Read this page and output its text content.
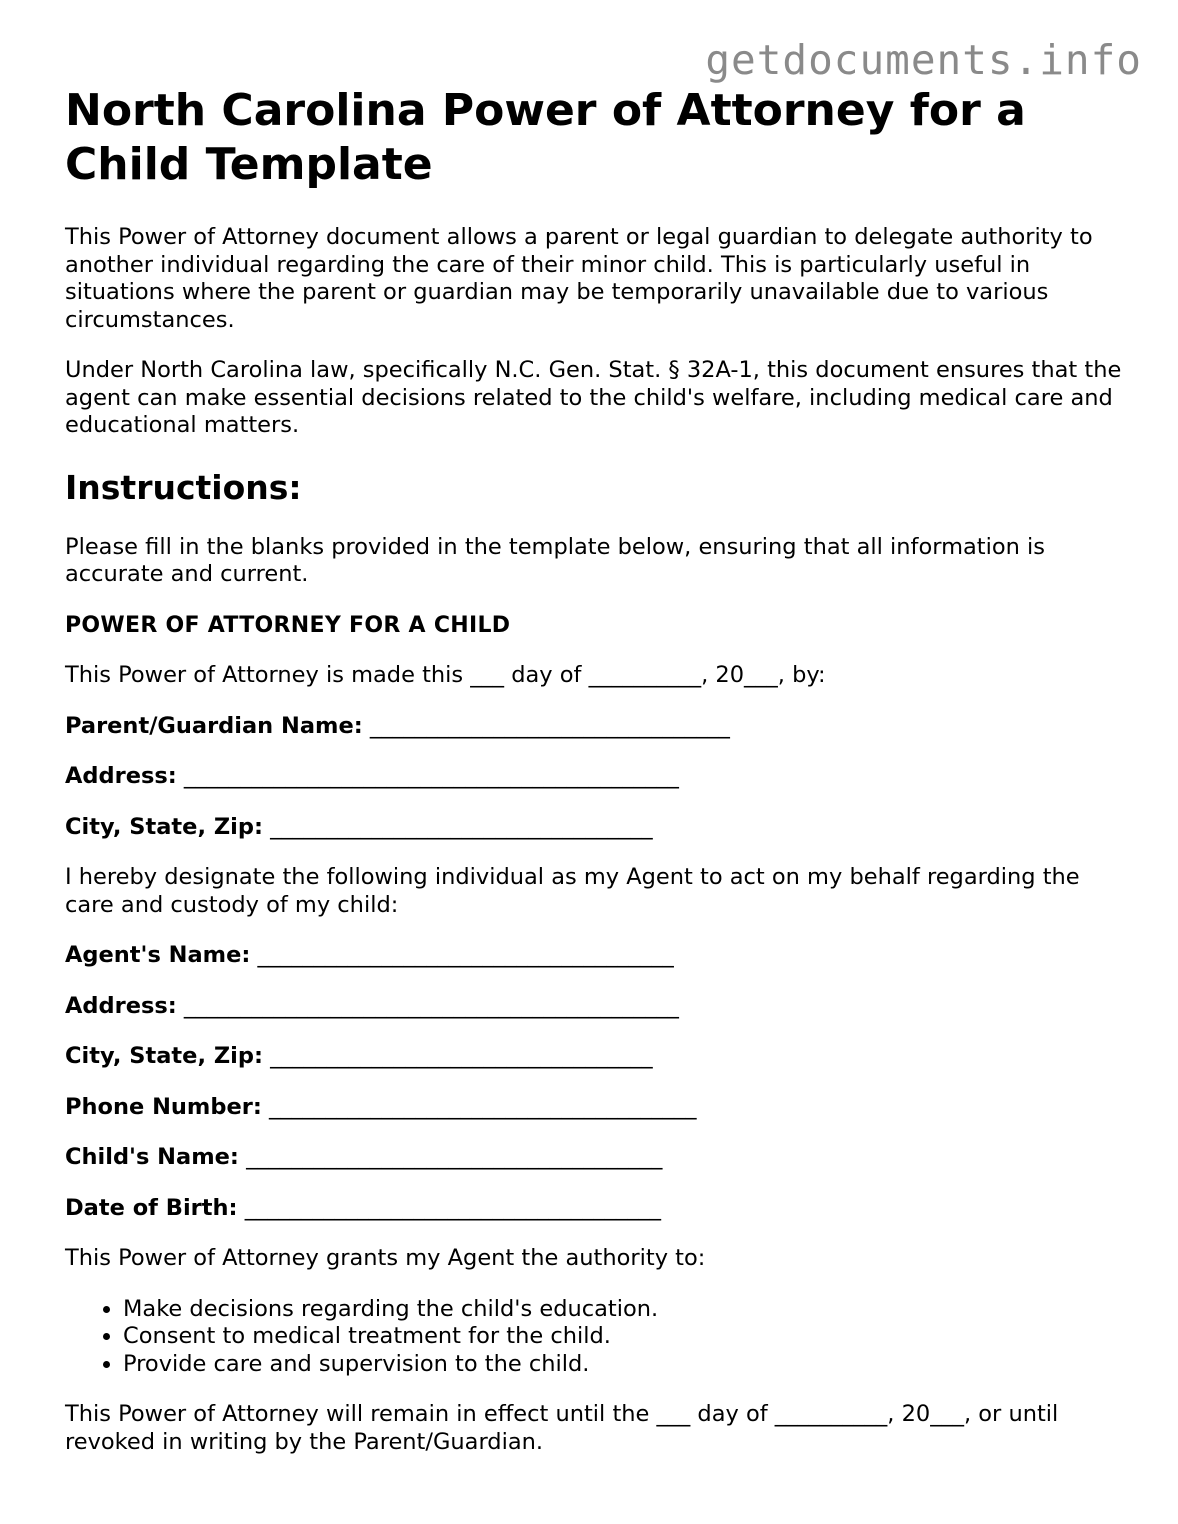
getdocuments.info
North Carolina Power of Attorney for a Child Template

This Power of Attorney document allows a parent or legal guardian to delegate authority to another individual regarding the care of their minor child. This is particularly useful in situations where the parent or guardian may be temporarily unavailable due to various circumstances.

Under North Carolina law, specifically N.C. Gen. Stat. § 32A-1, this document ensures that the agent can make essential decisions related to the child's welfare, including medical care and educational matters.

Instructions:

Please fill in the blanks provided in the template below, ensuring that all information is accurate and current.

POWER OF ATTORNEY FOR A CHILD

This Power of Attorney is made this ___ day of __________, 20___, by:

Parent/Guardian Name: ________________________________

Address: ____________________________________________

City, State, Zip: __________________________________

I hereby designate the following individual as my Agent to act on my behalf regarding the care and custody of my child:

Agent's Name: _____________________________________

Address: ____________________________________________

City, State, Zip: __________________________________

Phone Number: ______________________________________

Child's Name: _____________________________________

Date of Birth: _____________________________________

This Power of Attorney grants my Agent the authority to:

• Make decisions regarding the child's education.
• Consent to medical treatment for the child.
• Provide care and supervision to the child.

This Power of Attorney will remain in effect until the ___ day of __________, 20___, or until revoked in writing by the Parent/Guardian.
